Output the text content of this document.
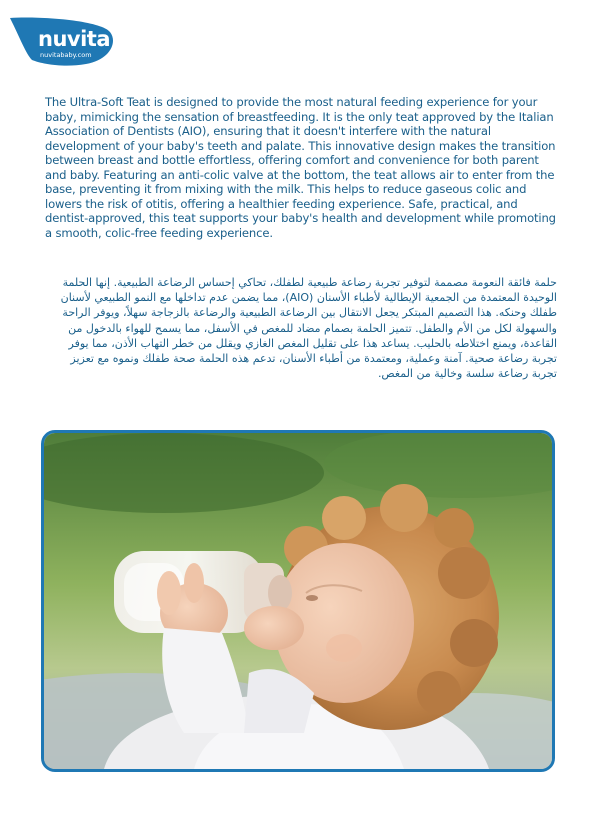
nuvita
nuvitababy.com

The Ultra-Soft Teat is designed to provide the most natural feeding experience for your baby, mimicking the sensation of breastfeeding. It is the only teat approved by the Italian Association of Dentists (AIO), ensuring that it doesn't interfere with the natural development of your baby's teeth and palate. This innovative design makes the transition between breast and bottle effortless, offering comfort and convenience for both parent and baby. Featuring an anti-colic valve at the bottom, the teat allows air to enter from the base, preventing it from mixing with the milk. This helps to reduce gaseous colic and lowers the risk of otitis, offering a healthier feeding experience. Safe, practical, and dentist-approved, this teat supports your baby's health and development while promoting a smooth, colic-free feeding experience.

حلمة فائقة النعومة مصممة لتوفير تجربة رضاعة طبيعية لطفلك، تحاكي إحساس الرضاعة الطبيعية. إنها الحلمة الوحيدة المعتمدة من الجمعية الإيطالية لأطباء الأسنان (AIO)، مما يضمن عدم تداخلها مع النمو الطبيعي لأسنان طفلك وحنكه. هذا التصميم المبتكر يجعل الانتقال بين الرضاعة الطبيعية والرضاعة بالزجاجة سهلاً، ويوفر الراحة والسهولة لكل من الأم والطفل. تتميز الحلمة بصمام مضاد للمغص في الأسفل، مما يسمح للهواء بالدخول من القاعدة، ويمنع اختلاطه بالحليب. يساعد هذا على تقليل المغص الغازي ويقلل من خطر التهاب الأذن، مما يوفر تجربة رضاعة صحية. آمنة وعملية، ومعتمدة من أطباء الأسنان، تدعم هذه الحلمة صحة طفلك ونموه مع تعزيز تجربة رضاعة سلسة وخالية من المغص.
